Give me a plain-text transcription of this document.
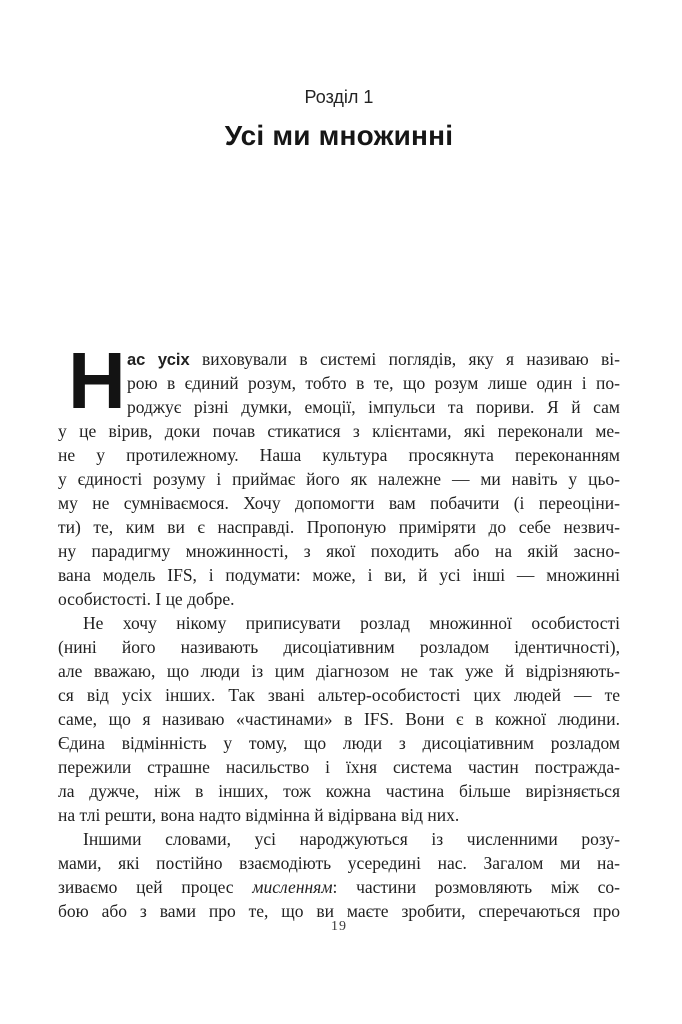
Розділ 1
Усі ми множинні
Н ас усіх виховували в системі поглядів, яку я називаю ві-
рою в єдиний розум, тобто в те, що розум лише один і по-
роджує різні думки, емоції, імпульси та пориви. Я й сам
у це вірив, доки почав стикатися з клієнтами, які переконали ме-
не у протилежному. Наша культура просякнута переконанням
у єдиності розуму і приймає його як належне — ми навіть у цьо-
му не сумніваємося. Хочу допомогти вам побачити (і переоціни-
ти) те, ким ви є насправді. Пропоную приміряти до себе незвич-
ну парадигму множинності, з якої походить або на якій засно-
вана модель IFS, і подумати: може, і ви, й усі інші — множинні
особистості. І це добре.
Не хочу нікому приписувати розлад множинної особистості
(нині його називають дисоціативним розладом ідентичності),
але вважаю, що люди із цим діагнозом не так уже й відрізняють-
ся від усіх інших. Так звані альтер-особистості цих людей — те
саме, що я називаю «частинами» в IFS. Вони є в кожної людини.
Єдина відмінність у тому, що люди з дисоціативним розладом
пережили страшне насильство і їхня система частин постражда-
ла дужче, ніж в інших, тож кожна частина більше вирізняється
на тлі решти, вона надто відмінна й відірвана від них.
Іншими словами, усі народжуються із численними розу-
мами, які постійно взаємодіють усередині нас. Загалом ми на-
зиваємо цей процес мисленням: частини розмовляють між со-
бою або з вами про те, що ви маєте зробити, сперечаються про
19
